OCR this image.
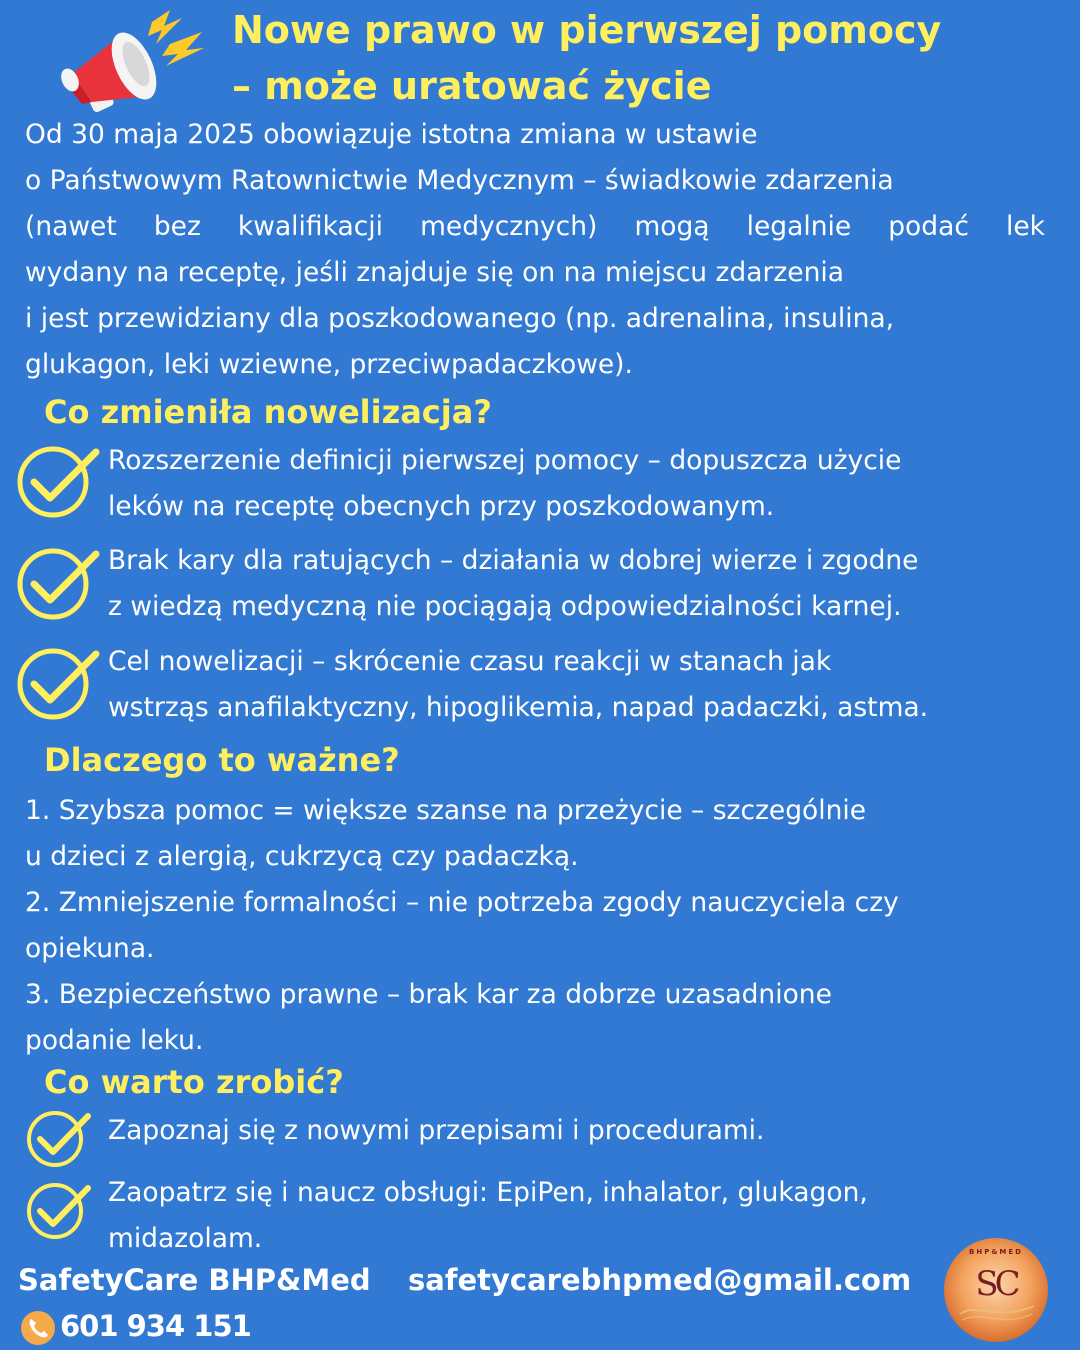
Nowe prawo w pierwszej pomocy
– może uratować życie
Od 30 maja 2025 obowiązuje istotna zmiana w ustawie
o Państwowym Ratownictwie Medycznym – świadkowie zdarzenia
(nawet bez kwalifikacji medycznych) mogą legalnie podać lek
wydany na receptę, jeśli znajduje się on na miejscu zdarzenia
i jest przewidziany dla poszkodowanego (np. adrenalina, insulina,
glukagon, leki wziewne, przeciwpadaczkowe).
Co zmieniła nowelizacja?
Rozszerzenie definicji pierwszej pomocy – dopuszcza użycie
leków na receptę obecnych przy poszkodowanym.
Brak kary dla ratujących – działania w dobrej wierze i zgodne
z wiedzą medyczną nie pociągają odpowiedzialności karnej.
Cel nowelizacji – skrócenie czasu reakcji w stanach jak
wstrząs anafilaktyczny, hipoglikemia, napad padaczki, astma.
Dlaczego to ważne?
1. Szybsza pomoc = większe szanse na przeżycie – szczególnie
u dzieci z alergią, cukrzycą czy padaczką.
2. Zmniejszenie formalności – nie potrzeba zgody nauczyciela czy
opiekuna.
3. Bezpieczeństwo prawne – brak kar za dobrze uzasadnione
podanie leku.
Co warto zrobić?
Zapoznaj się z nowymi przepisami i procedurami.
Zaopatrz się i naucz obsługi: EpiPen, inhalator, glukagon,
midazolam.
SafetyCare BHP&Med safetycarebhpmed@gmail.com
601 934 151
SC
BHP&MED
